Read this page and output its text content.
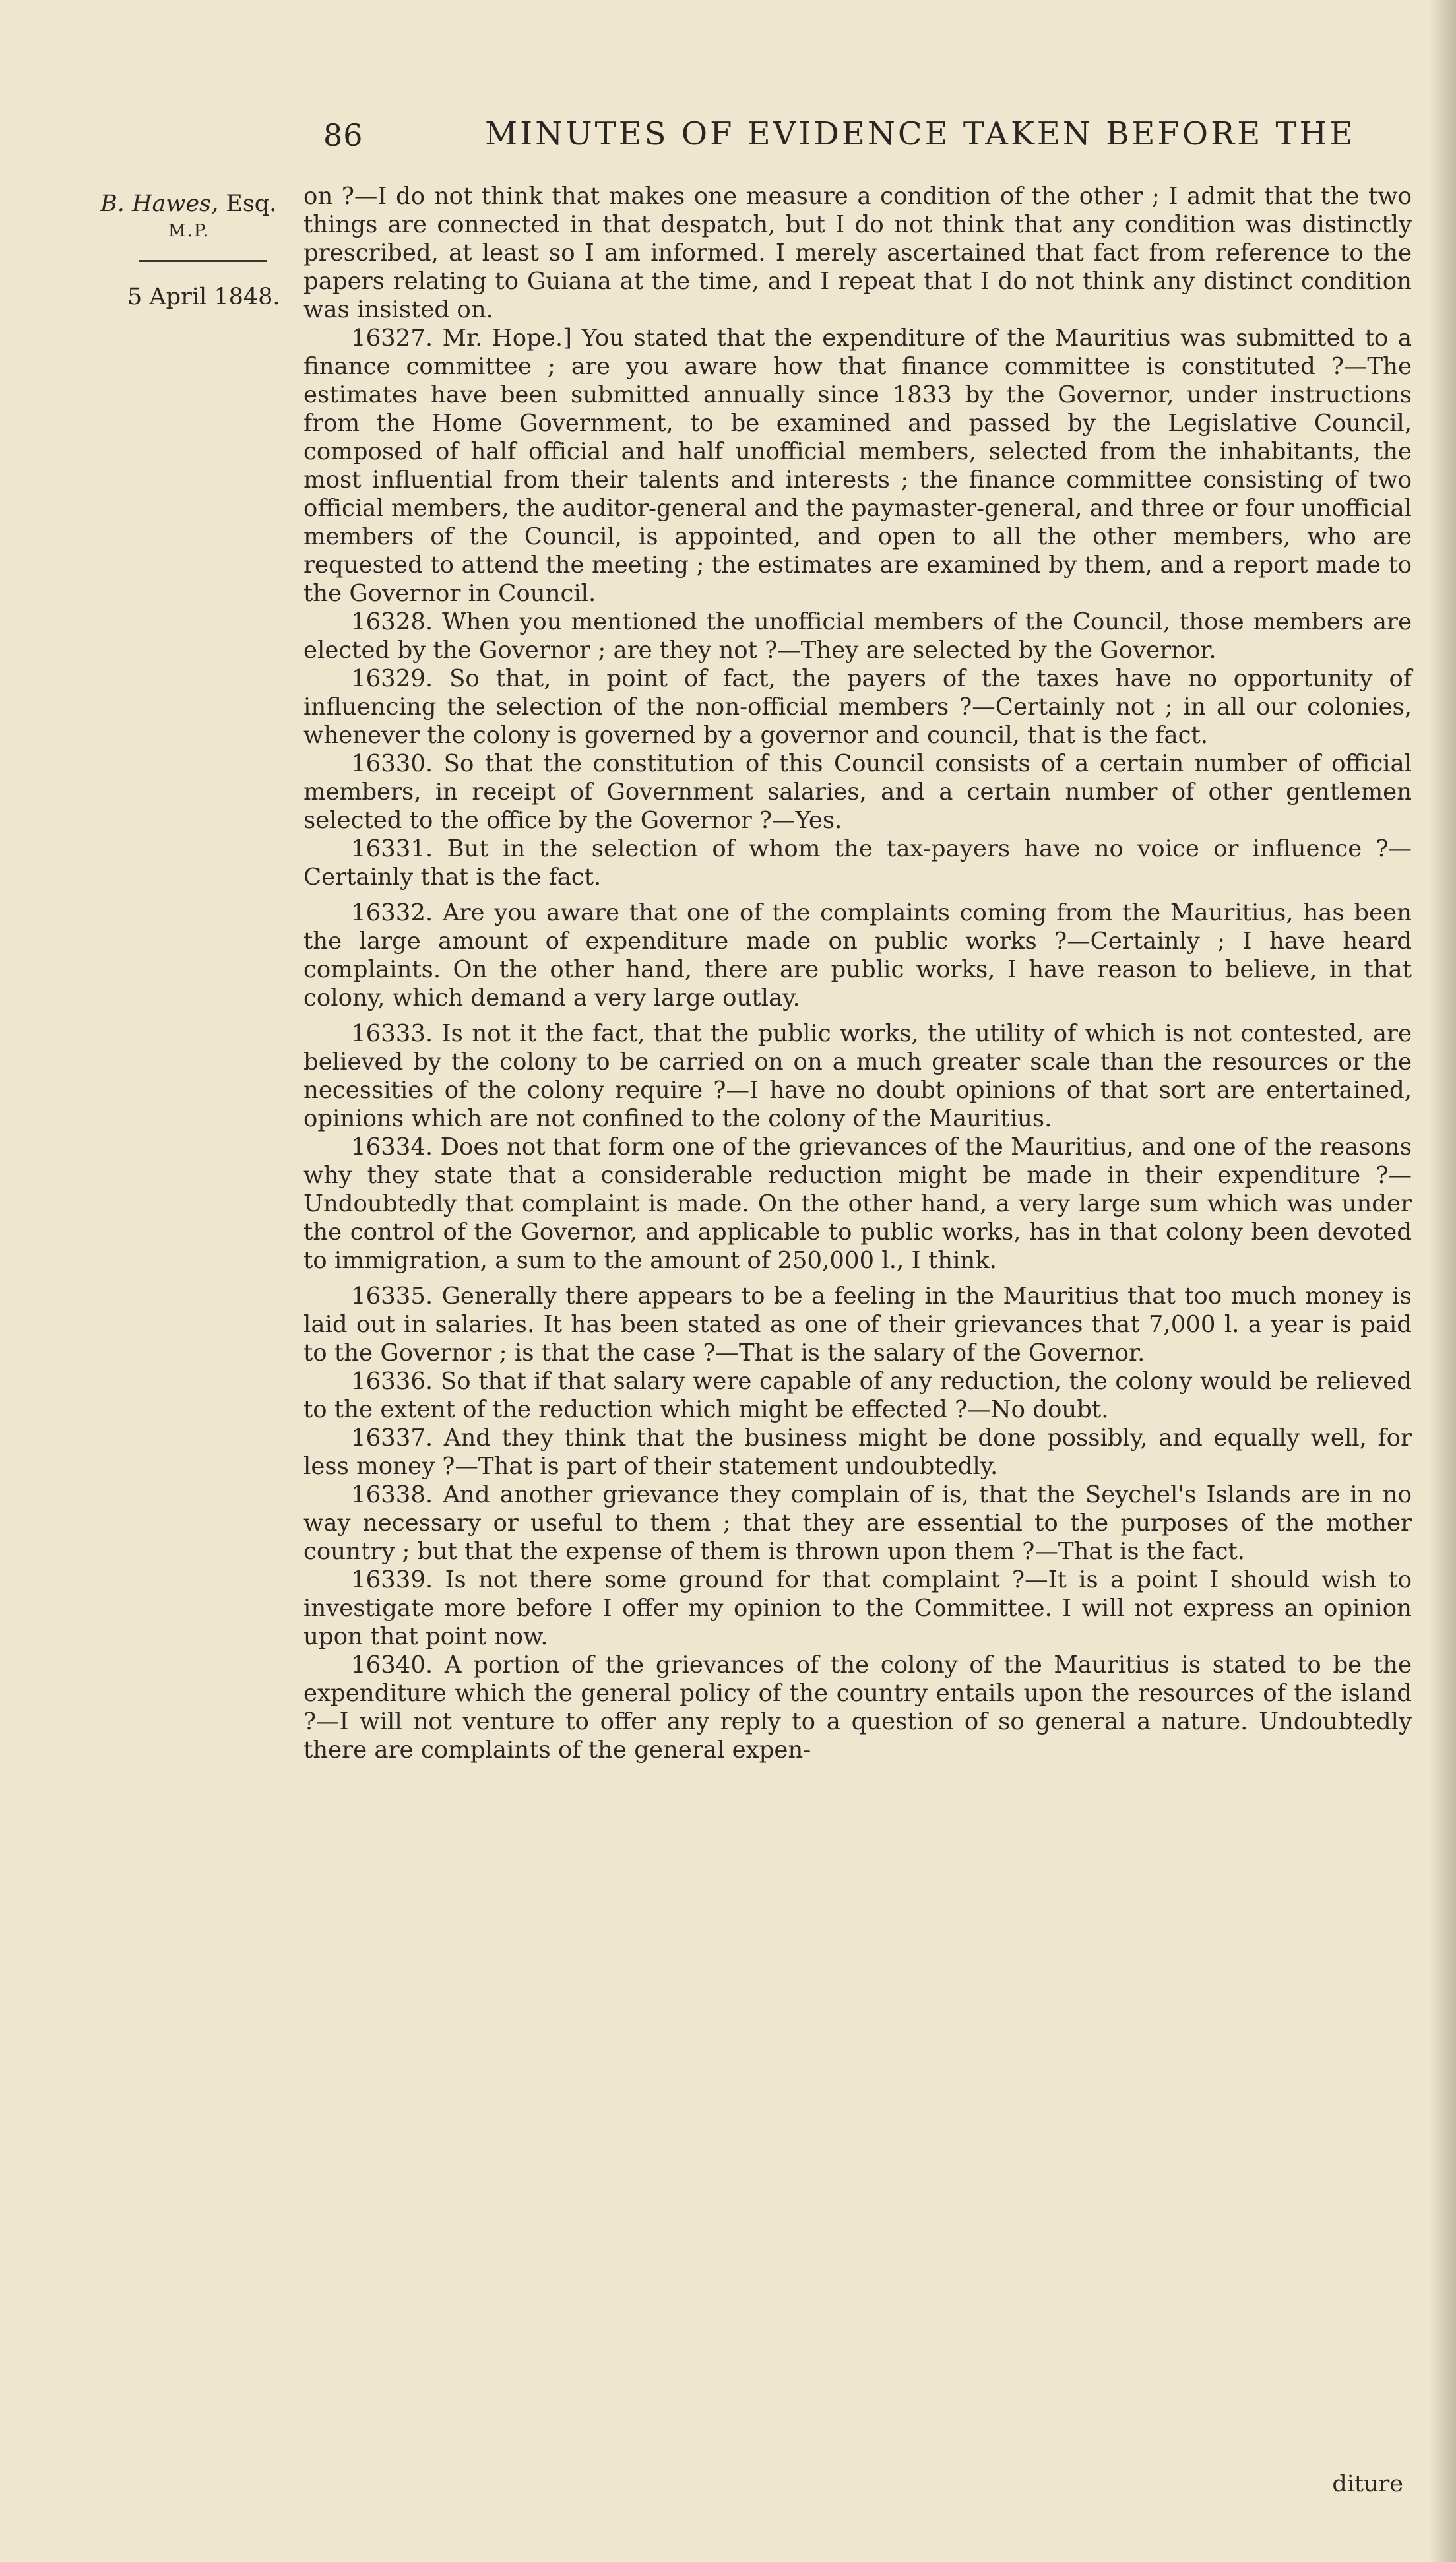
86	MINUTES OF EVIDENCE TAKEN BEFORE THE
B. Hawes, Esq.
M.P.
5 April 1848.

on ?—I do not think that makes one measure a condition of the other ; I admit that the two things are connected in that despatch, but I do not think that any condition was distinctly prescribed, at least so I am informed. I merely ascertained that fact from reference to the papers relating to Guiana at the time, and I repeat that I do not think any distinct condition was insisted on.

16327. Mr. Hope.] You stated that the expenditure of the Mauritius was submitted to a finance committee ; are you aware how that finance committee is constituted ?—The estimates have been submitted annually since 1833 by the Governor, under instructions from the Home Government, to be examined and passed by the Legislative Council, composed of half official and half unofficial members, selected from the inhabitants, the most influential from their talents and interests ; the finance committee consisting of two official members, the auditor-general and the paymaster-general, and three or four unofficial members of the Council, is appointed, and open to all the other members, who are requested to attend the meeting ; the estimates are examined by them, and a report made to the Governor in Council.

16328. When you mentioned the unofficial members of the Council, those members are elected by the Governor ; are they not ?—They are selected by the Governor.

16329. So that, in point of fact, the payers of the taxes have no opportunity of influencing the selection of the non-official members ?—Certainly not ; in all our colonies, whenever the colony is governed by a governor and council, that is the fact.

16330. So that the constitution of this Council consists of a certain number of official members, in receipt of Government salaries, and a certain number of other gentlemen selected to the office by the Governor ?—Yes.

16331. But in the selection of whom the tax-payers have no voice or influence ?—Certainly that is the fact.

16332. Are you aware that one of the complaints coming from the Mauritius, has been the large amount of expenditure made on public works ?—Certainly ; I have heard complaints. On the other hand, there are public works, I have reason to believe, in that colony, which demand a very large outlay.

16333. Is not it the fact, that the public works, the utility of which is not contested, are believed by the colony to be carried on on a much greater scale than the resources or the necessities of the colony require ?—I have no doubt opinions of that sort are entertained, opinions which are not confined to the colony of the Mauritius.

16334. Does not that form one of the grievances of the Mauritius, and one of the reasons why they state that a considerable reduction might be made in their expenditure ?—Undoubtedly that complaint is made. On the other hand, a very large sum which was under the control of the Governor, and applicable to public works, has in that colony been devoted to immigration, a sum to the amount of 250,000 l., I think.

16335. Generally there appears to be a feeling in the Mauritius that too much money is laid out in salaries. It has been stated as one of their grievances that 7,000 l. a year is paid to the Governor ; is that the case ?—That is the salary of the Governor.

16336. So that if that salary were capable of any reduction, the colony would be relieved to the extent of the reduction which might be effected ?—No doubt.

16337. And they think that the business might be done possibly, and equally well, for less money ?—That is part of their statement undoubtedly.

16338. And another grievance they complain of is, that the Seychel's Islands are in no way necessary or useful to them ; that they are essential to the purposes of the mother country ; but that the expense of them is thrown upon them ?—That is the fact.

16339. Is not there some ground for that complaint ?—It is a point I should wish to investigate more before I offer my opinion to the Committee. I will not express an opinion upon that point now.

16340. A portion of the grievances of the colony of the Mauritius is stated to be the expenditure which the general policy of the country entails upon the resources of the island ?—I will not venture to offer any reply to a question of so general a nature. Undoubtedly there are complaints of the general expen-

diture
